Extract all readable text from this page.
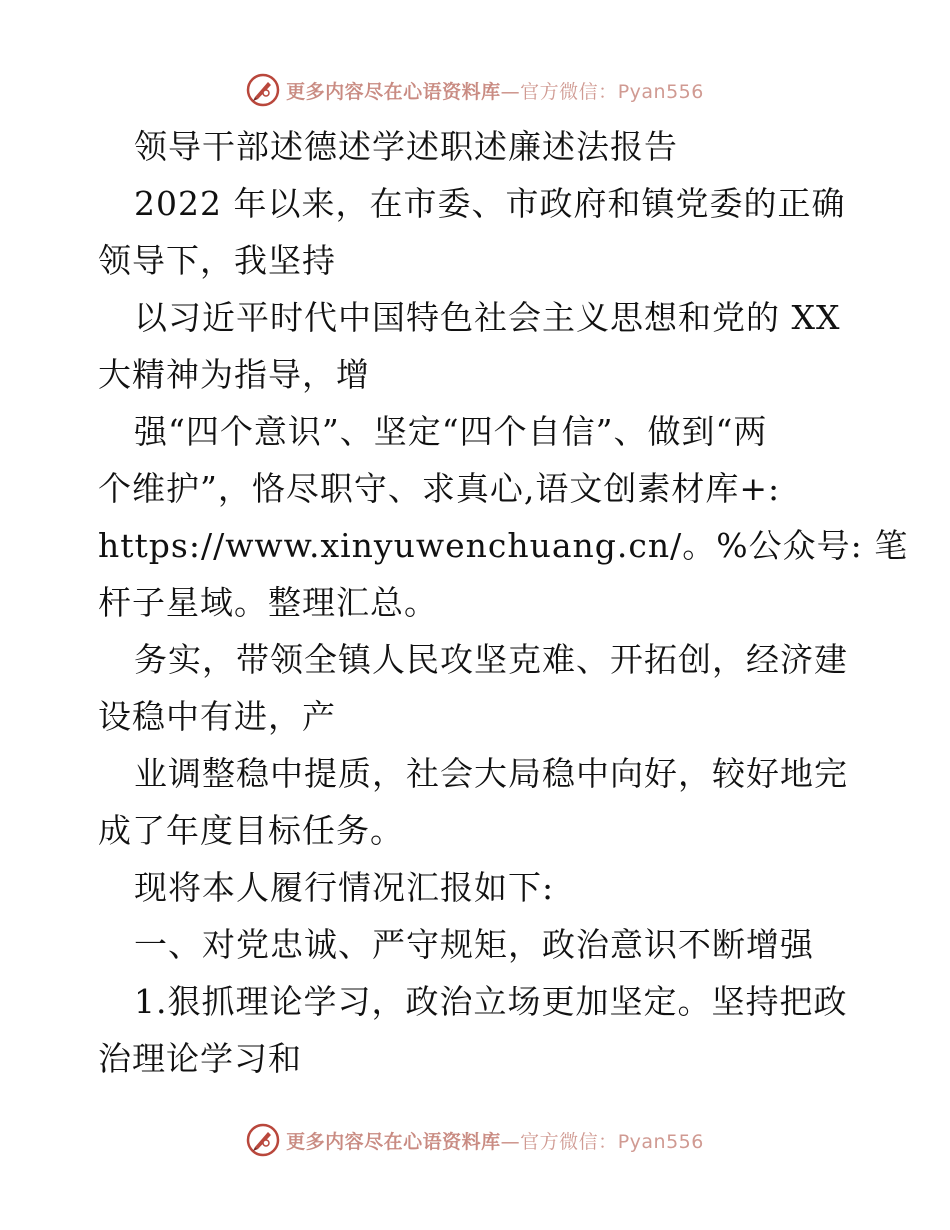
更多内容尽在心语资料库—官方微信：Pyan556
领导干部述德述学述职述廉述法报告
2022 年以来，在市委、市政府和镇党委的正确
领导下，我坚持
以习近平时代中国特色社会主义思想和党的 XX
大精神为指导，增
强“四个意识”、坚定“四个自信”、做到“两
个维护”，恪尽职守、求真心,语文创素材库+:
https://www.xinyuwenchuang.cn/。%公众号: 笔
杆子星域。整理汇总。
务实，带领全镇人民攻坚克难、开拓创，经济建
设稳中有进，产
业调整稳中提质，社会大局稳中向好，较好地完
成了年度目标任务。
现将本人履行情况汇报如下:
一、对党忠诚、严守规矩，政治意识不断增强
1.狠抓理论学习，政治立场更加坚定。坚持把政
治理论学习和
更多内容尽在心语资料库—官方微信：Pyan556
